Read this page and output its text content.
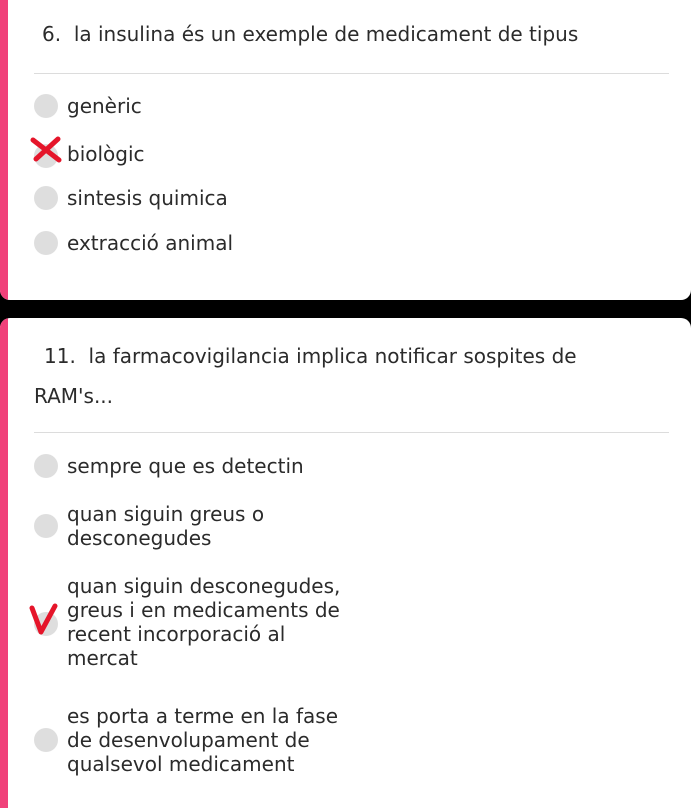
6. la insulina és un exemple de medicament de tipus

genèric
biològic
sintesis quimica
extracció animal

11. la farmacovigilancia implica notificar sospites de

RAM's...

sempre que es detectin
quan siguin greus o
desconegudes
quan siguin desconegudes,
greus i en medicaments de
recent incorporació al
mercat
es porta a terme en la fase
de desenvolupament de
qualsevol medicament
